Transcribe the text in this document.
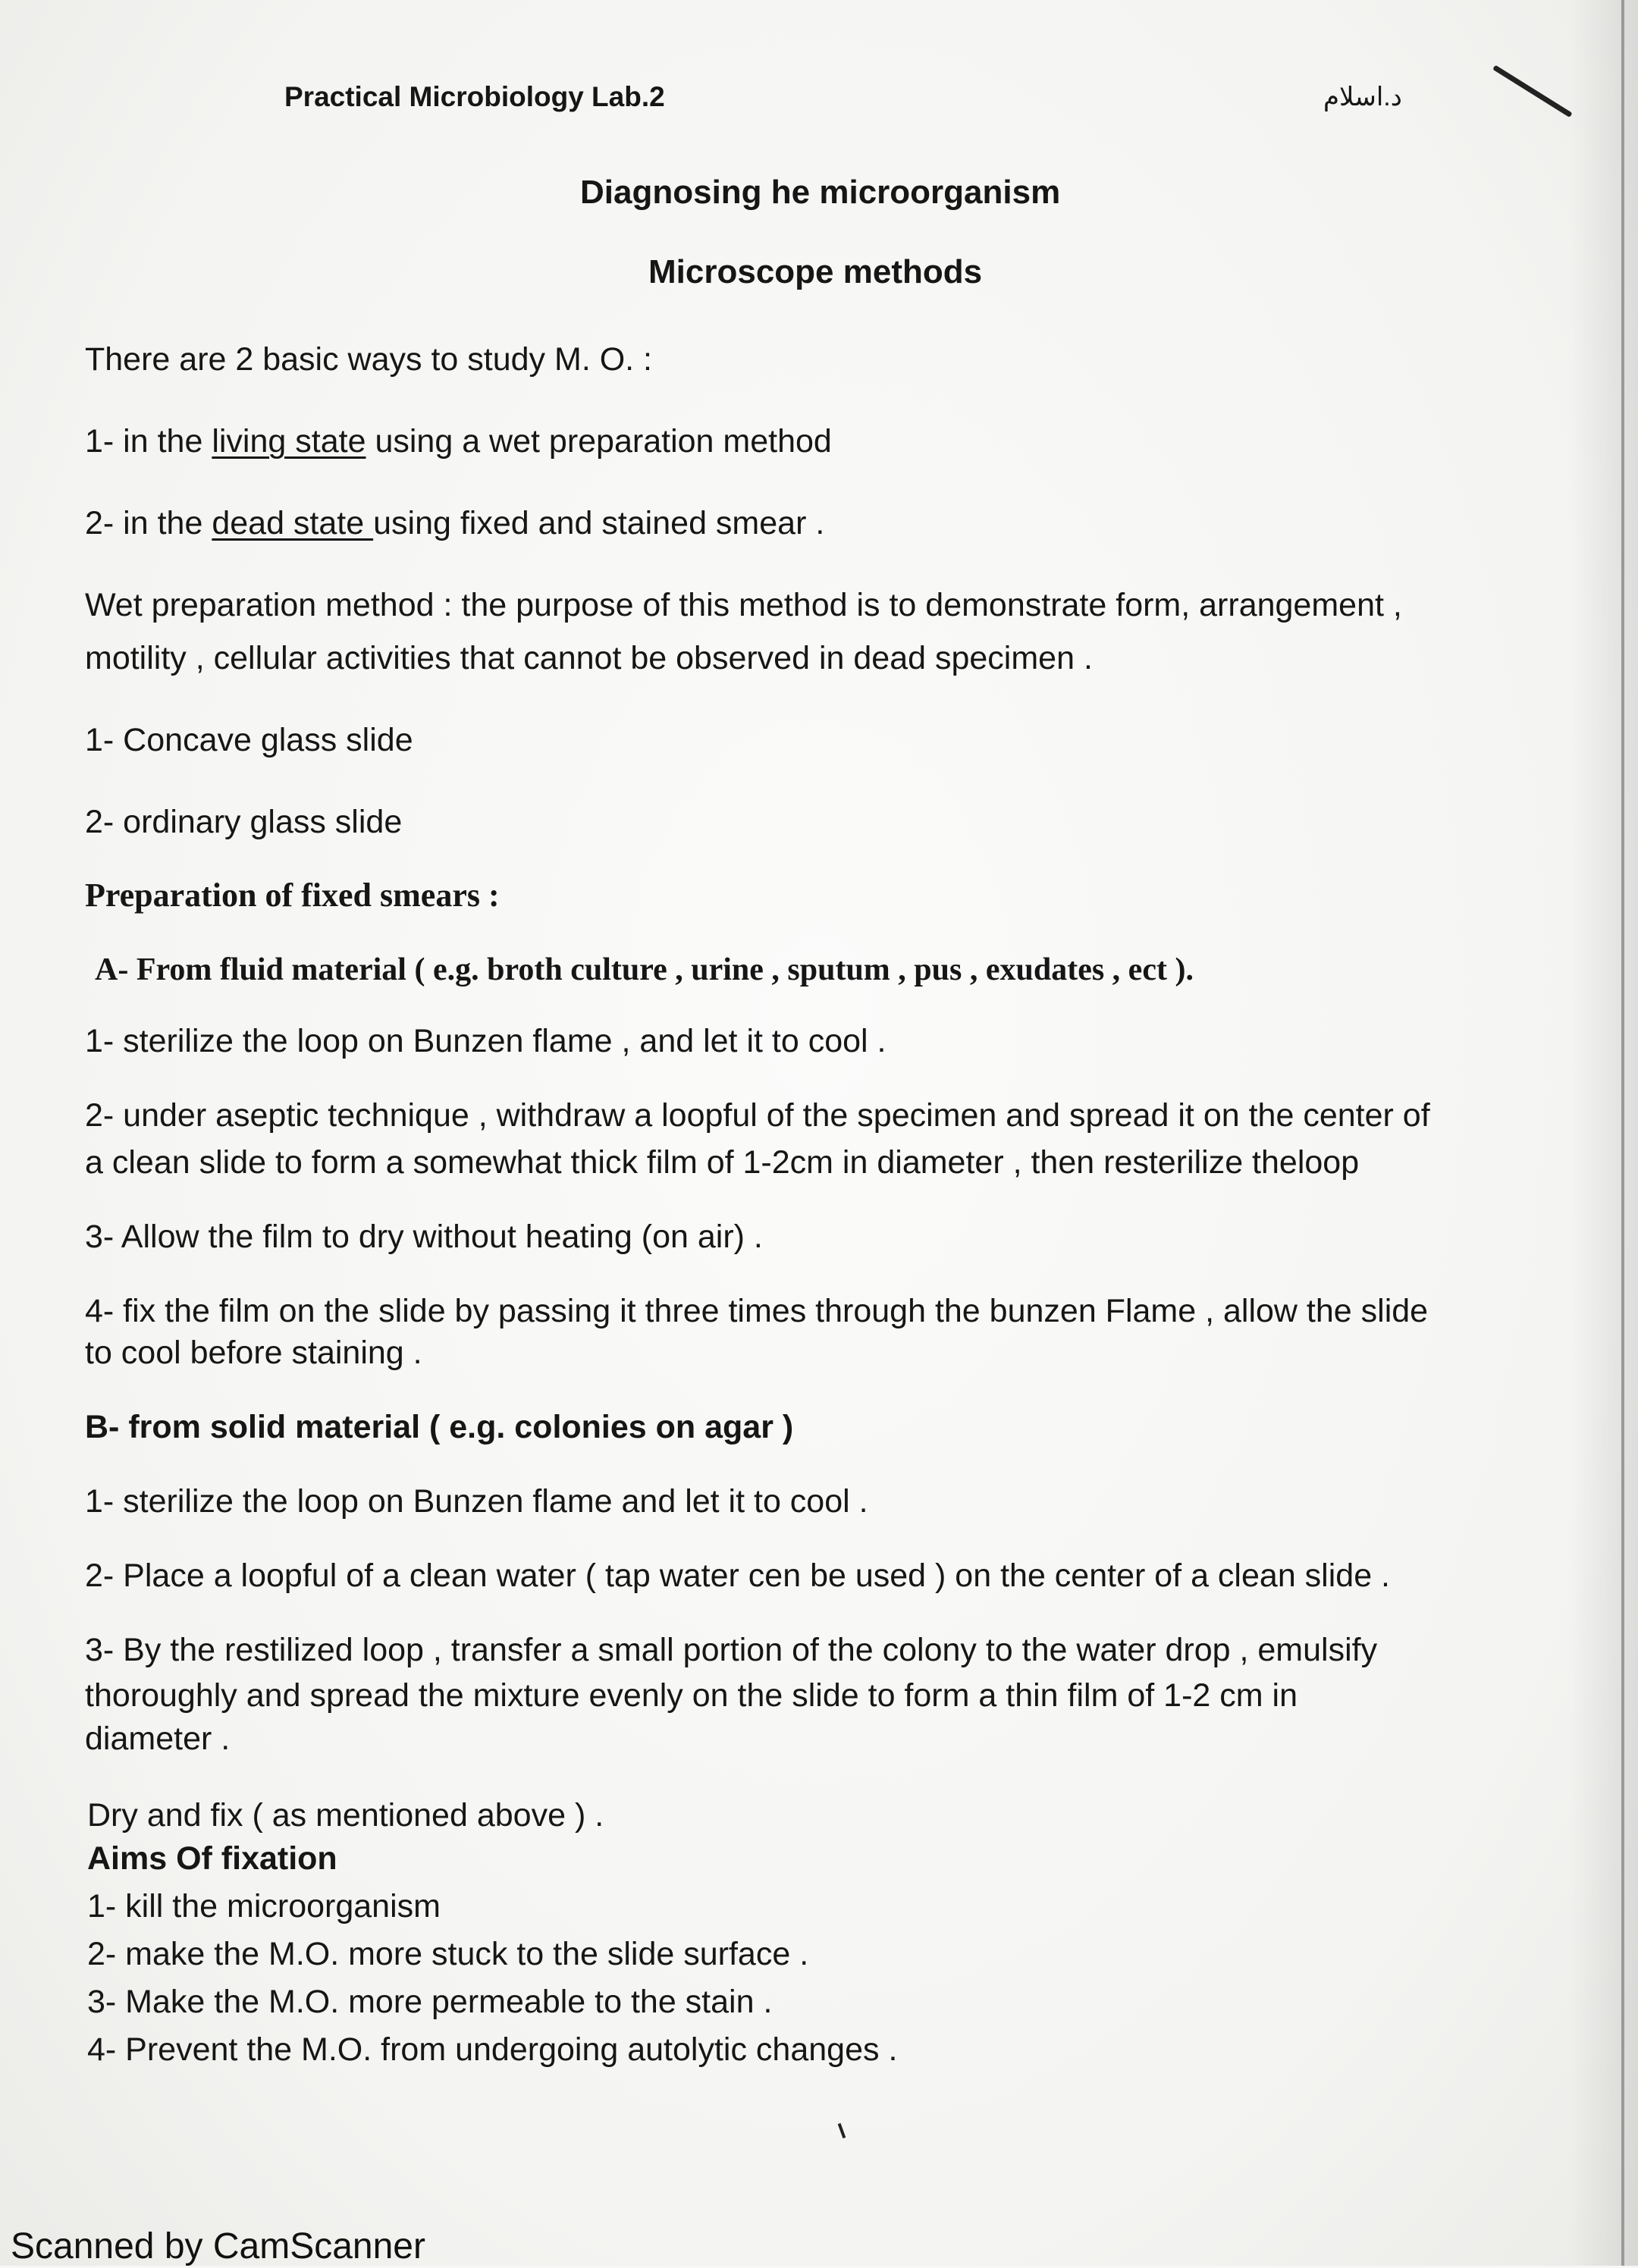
Practical Microbiology Lab.2	د.اسلام
Diagnosing he microorganism
Microscope methods
There are 2 basic ways to study M. O. :
1- in the living state using a wet preparation method
2- in the dead state using fixed and stained smear .
Wet preparation method : the purpose of this method is to demonstrate form, arrangement ,
motility , cellular activities that cannot be observed in dead specimen .
1- Concave glass slide
2- ordinary glass slide
Preparation of fixed smears :
A- From fluid material ( e.g. broth culture , urine , sputum , pus , exudates , ect ).
1- sterilize the loop on Bunzen flame , and let it to cool .
2- under aseptic technique , withdraw a loopful of the specimen and spread it on the center of
a clean slide to form a somewhat thick film of 1-2cm in diameter , then resterilize theloop
3- Allow the film to dry without heating (on air) .
4- fix the film on the slide by passing it three times through the bunzen Flame , allow the slide
to cool before staining .
B- from solid material ( e.g. colonies on agar )
1- sterilize the loop on Bunzen flame and let it to cool .
2- Place a loopful of a clean water ( tap water cen be used ) on the center of a clean slide .
3- By the restilized loop , transfer a small portion of the colony to the water drop , emulsify
thoroughly and spread the mixture evenly on the slide to form a thin film of 1-2 cm in
diameter .
Dry and fix ( as mentioned above ) .
Aims Of fixation
1- kill the microorganism
2- make the M.O. more stuck to the slide surface .
3- Make the M.O. more permeable to the stain .
4- Prevent the M.O. from undergoing autolytic changes .
Scanned by CamScanner
